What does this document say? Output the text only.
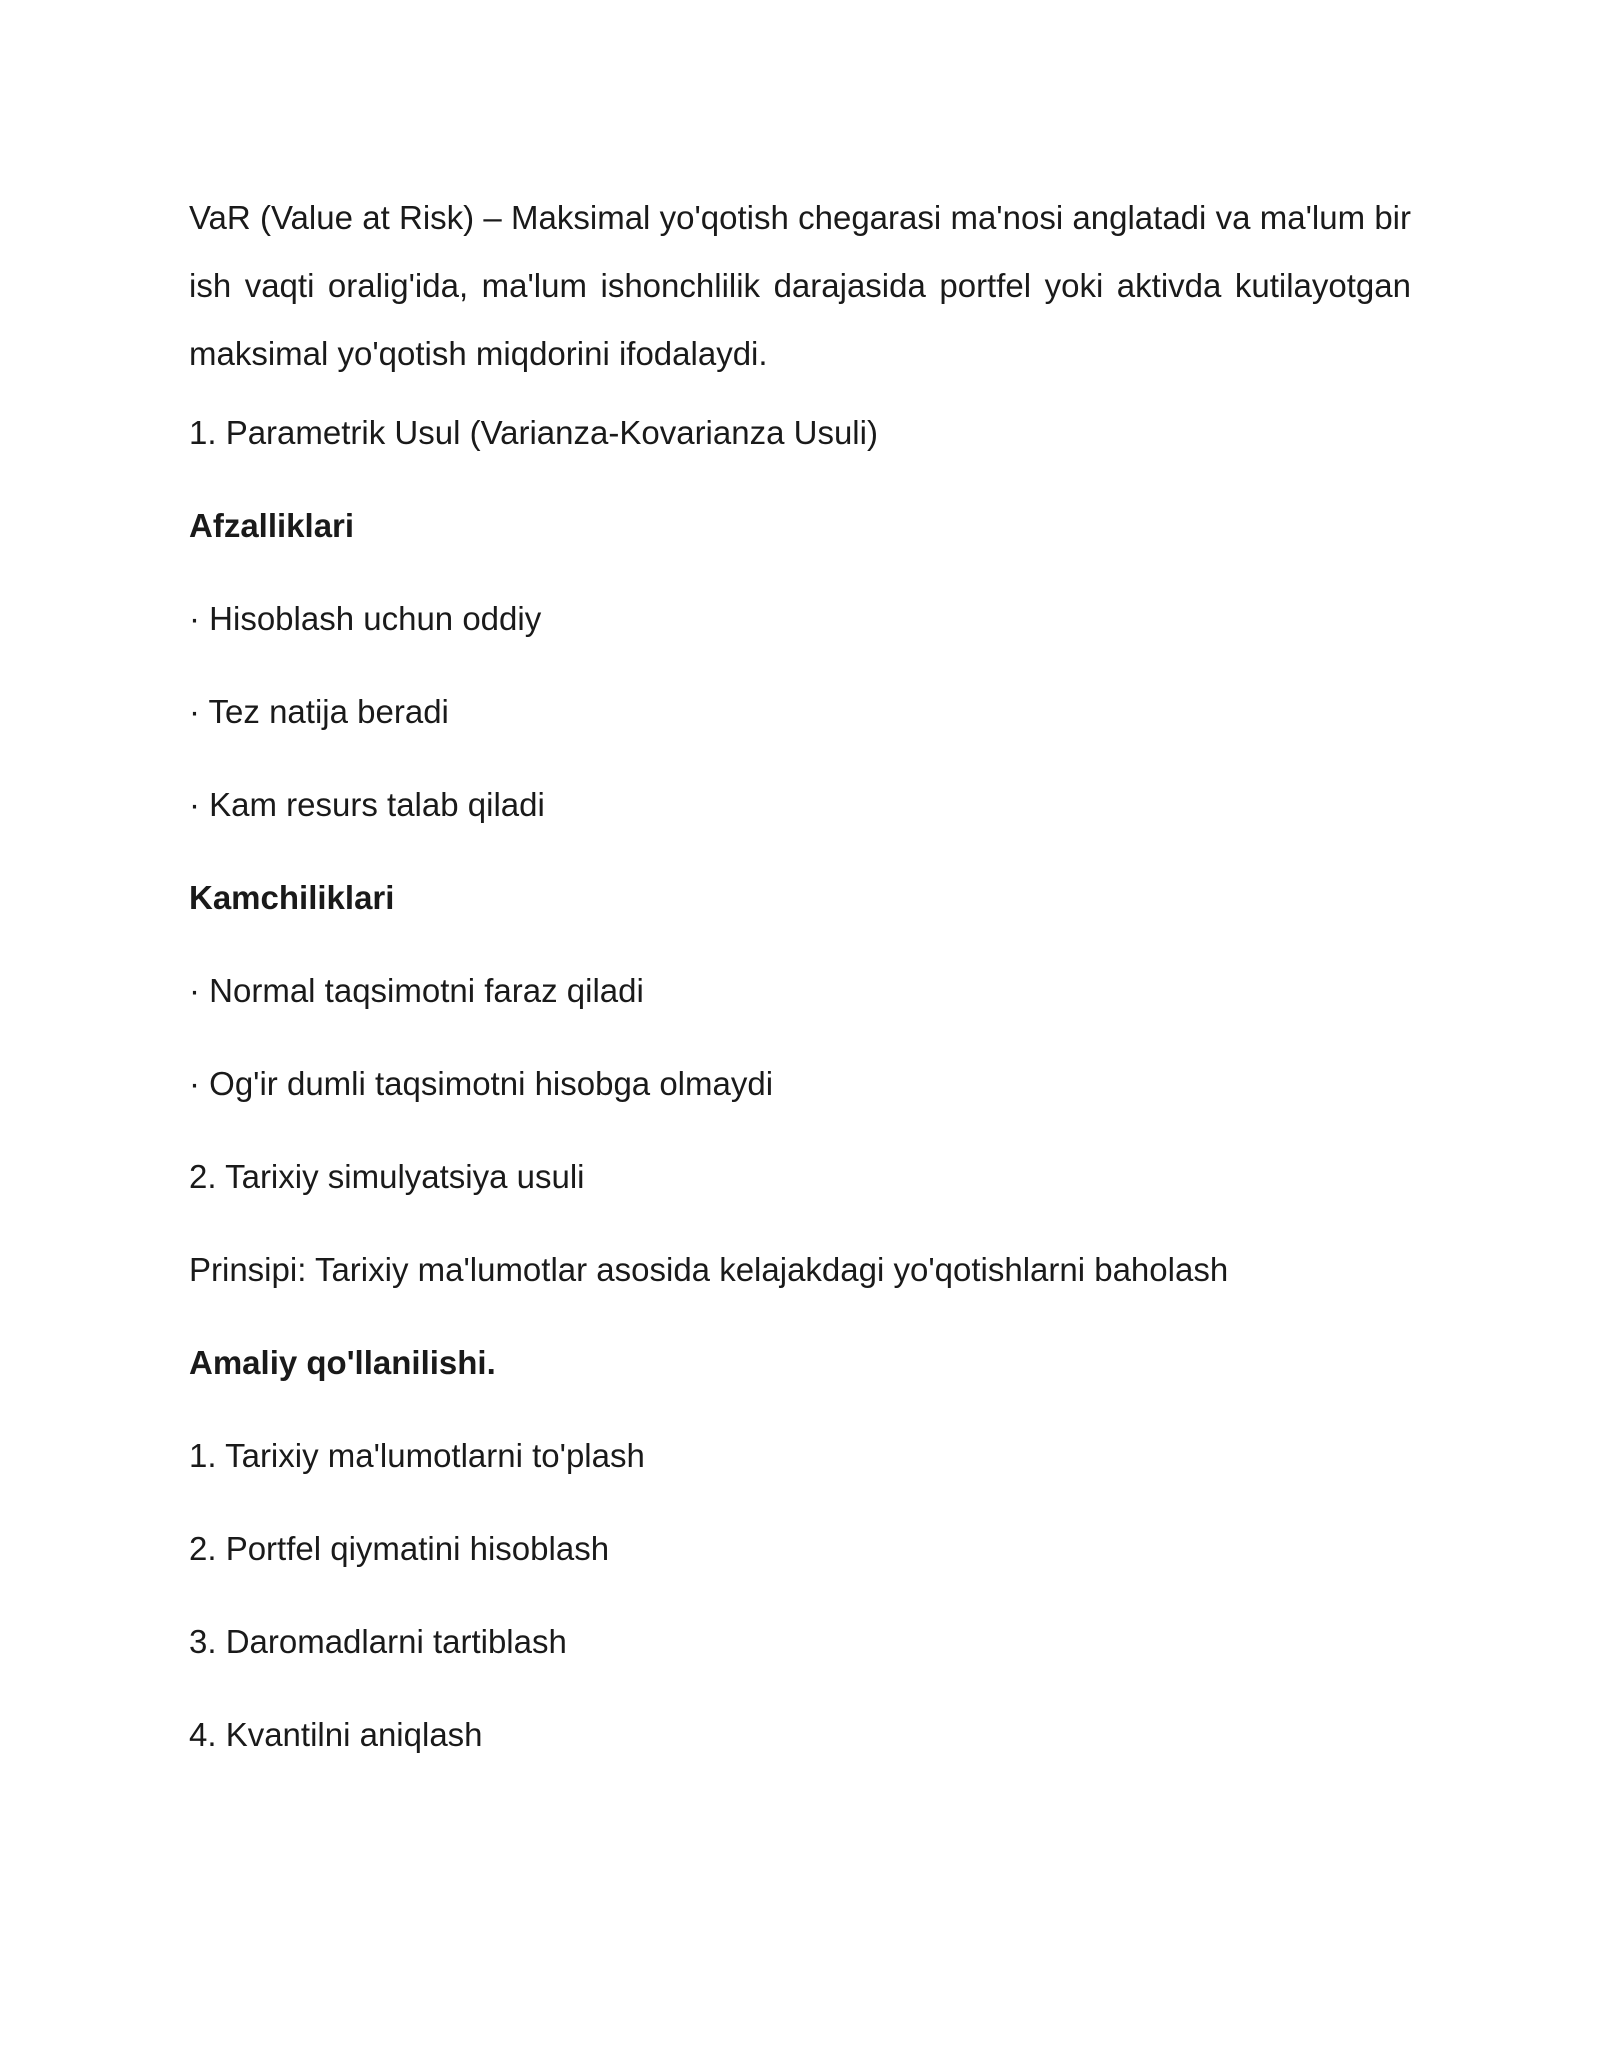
VaR (Value at Risk) – Maksimal yo'qotish chegarasi ma'nosi anglatadi va ma'lum bir ish vaqti oralig'ida, ma'lum ishonchlilik darajasida portfel yoki aktivda kutilayotgan maksimal yo'qotish miqdorini ifodalaydi.

1. Parametrik Usul (Varianza-Kovarianza Usuli)
Afzalliklari
· Hisoblash uchun oddiy
· Tez natija beradi
· Kam resurs talab qiladi
Kamchiliklari
· Normal taqsimotni faraz qiladi
· Og'ir dumli taqsimotni hisobga olmaydi
2. Tarixiy simulyatsiya usuli
Prinsipi: Tarixiy ma'lumotlar asosida kelajakdagi yo'qotishlarni baholash
Amaliy qo'llanilishi.
1. Tarixiy ma'lumotlarni to'plash
2. Portfel qiymatini hisoblash
3. Daromadlarni tartiblash
4. Kvantilni aniqlash
